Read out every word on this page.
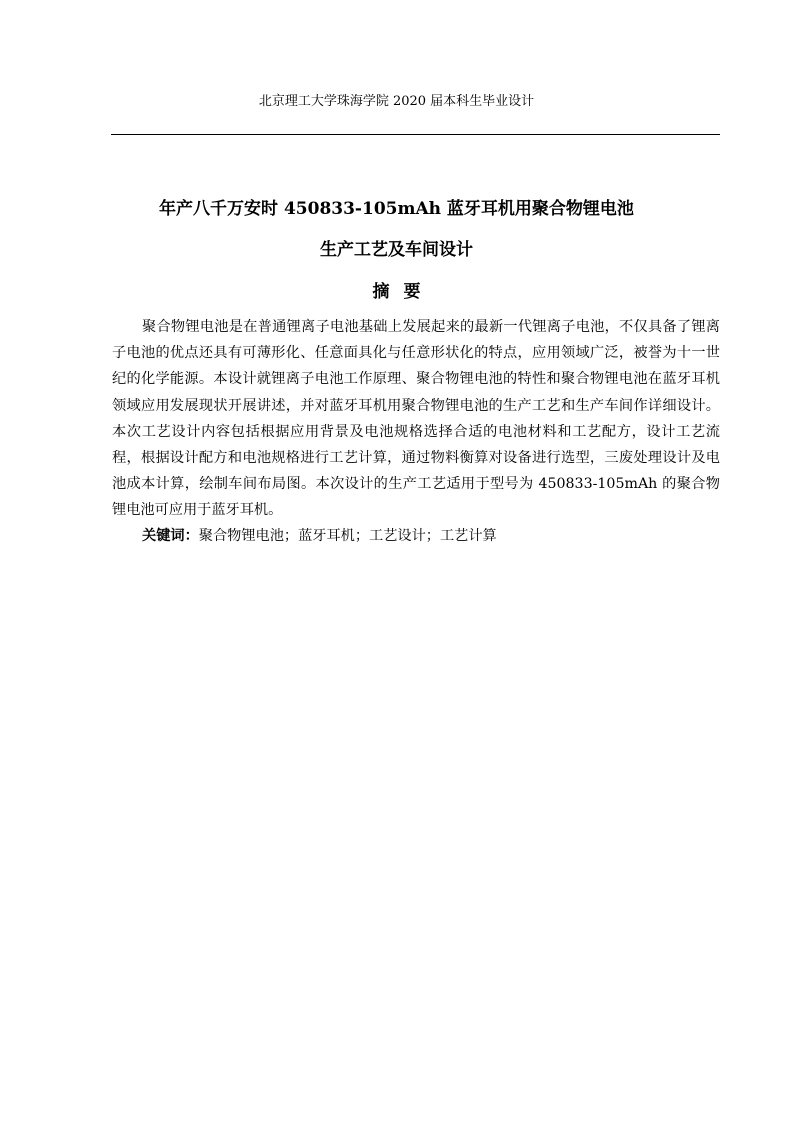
北京理工大学珠海学院 2020 届本科生毕业设计
年产八千万安时 450833-105mAh 蓝牙耳机用聚合物锂电池
生产工艺及车间设计
摘要

聚合物锂电池是在普通锂离子电池基础上发展起来的最新一代锂离子电池，不仅具备了锂离子电池的优点还具有可薄形化、任意面具化与任意形状化的特点，应用领域广泛，被誉为十一世纪的化学能源。本设计就锂离子电池工作原理、聚合物锂电池的特性和聚合物锂电池在蓝牙耳机领域应用发展现状开展讲述，并对蓝牙耳机用聚合物锂电池的生产工艺和生产车间作详细设计。本次工艺设计内容包括根据应用背景及电池规格选择合适的电池材料和工艺配方，设计工艺流程，根据设计配方和电池规格进行工艺计算，通过物料衡算对设备进行选型，三废处理设计及电池成本计算，绘制车间布局图。本次设计的生产工艺适用于型号为 450833-105mAh 的聚合物锂电池可应用于蓝牙耳机。

关键词：聚合物锂电池；蓝牙耳机；工艺设计；工艺计算
